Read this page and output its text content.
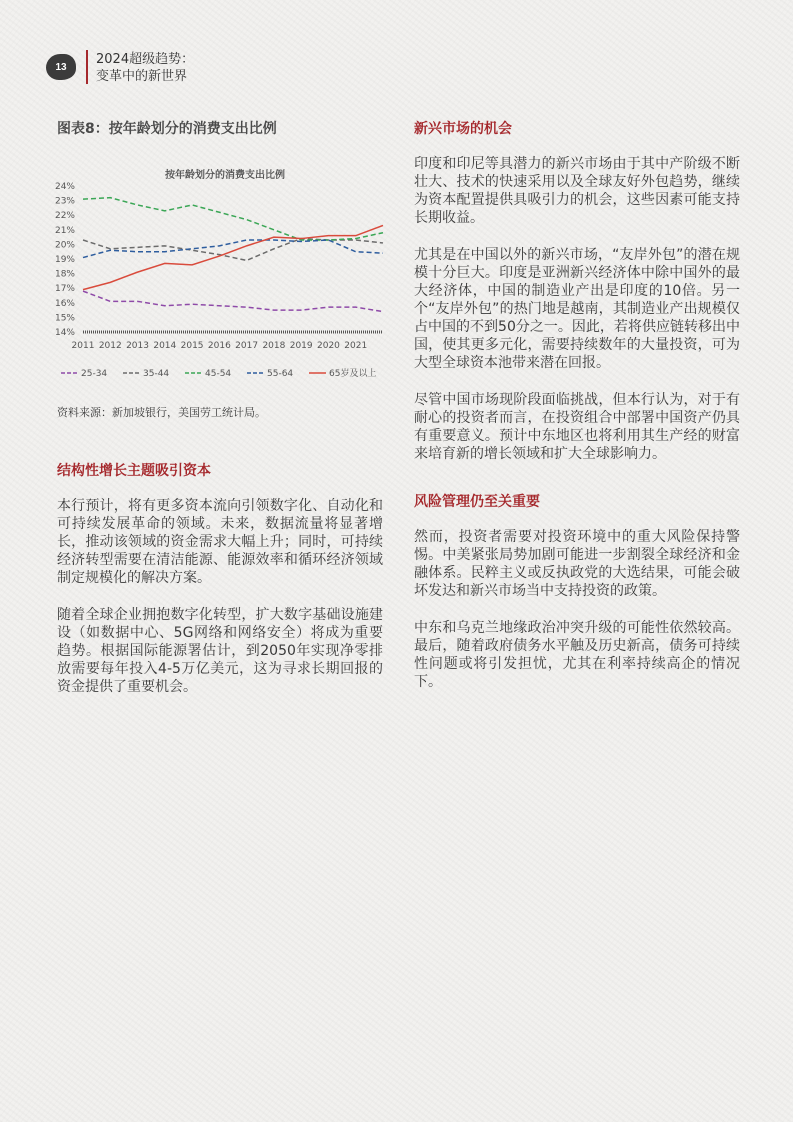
13	2024超级趋势：
变革中的新世界

图表8：按年龄划分的消费支出比例

按年龄划分的消费支出比例
24%
23%
22%
21%
20%
19%
18%
17%
16%
15%
14%
2011 2012 2013 2014 2015 2016 2017 2018 2019 2020 2021
25-34	35-44	45-54	55-64	65岁及以上
资料来源：新加坡银行，美国劳工统计局。

结构性增长主题吸引资本

本行预计，将有更多资本流向引领数字化、自动化和可持续发展革命的领域。未来，数据流量将显著增长，推动该领域的资金需求大幅上升；同时，可持续经济转型需要在清洁能源、能源效率和循环经济领域制定规模化的解决方案。

随着全球企业拥抱数字化转型，扩大数字基础设施建设（如数据中心、5G网络和网络安全）将成为重要趋势。根据国际能源署估计，到2050年实现净零排放需要每年投入4-5万亿美元，这为寻求长期回报的资金提供了重要机会。

新兴市场的机会

印度和印尼等具潜力的新兴市场由于其中产阶级不断壮大、技术的快速采用以及全球友好外包趋势，继续为资本配置提供具吸引力的机会，这些因素可能支持长期收益。

尤其是在中国以外的新兴市场，“友岸外包”的潜在规模十分巨大。印度是亚洲新兴经济体中除中国外的最大经济体，中国的制造业产出是印度的10倍。另一个“友岸外包”的热门地是越南，其制造业产出规模仅占中国的不到50分之一。因此，若将供应链转移出中国，使其更多元化，需要持续数年的大量投资，可为大型全球资本池带来潜在回报。

尽管中国市场现阶段面临挑战，但本行认为，对于有耐心的投资者而言，在投资组合中部署中国资产仍具有重要意义。预计中东地区也将利用其生产经的财富来培育新的增长领域和扩大全球影响力。

风险管理仍至关重要

然而，投资者需要对投资环境中的重大风险保持警惕。中美紧张局势加剧可能进一步割裂全球经济和金融体系。民粹主义或反执政党的大选结果，可能会破坏发达和新兴市场当中支持投资的政策。

中东和乌克兰地缘政治冲突升级的可能性依然较高。最后，随着政府债务水平触及历史新高，债务可持续性问题或将引发担忧，尤其在利率持续高企的情况下。
